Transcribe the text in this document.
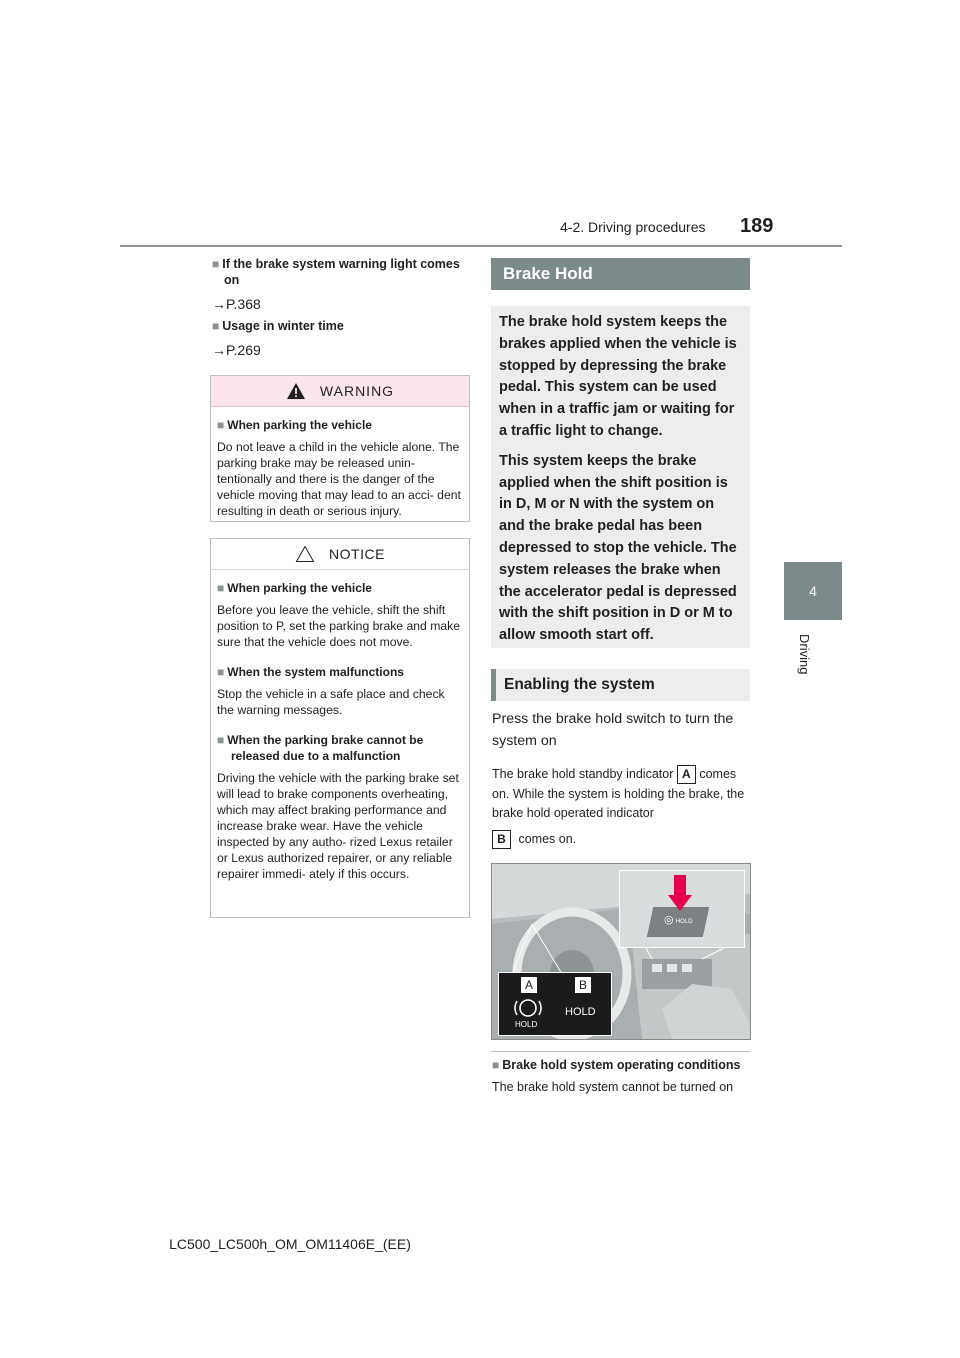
4-2. Driving procedures 189
4
Driving
■ If the brake system warning light comes on
→P.368
■ Usage in winter time
→P.269
WARNING
■ When parking the vehicle
Do not leave a child in the vehicle alone. The parking brake may be released unin- tentionally and there is the danger of the vehicle moving that may lead to an acci- dent resulting in death or serious injury.
NOTICE
■ When parking the vehicle
Before you leave the vehicle, shift the shift position to P, set the parking brake and make sure that the vehicle does not move.
■ When the system malfunctions
Stop the vehicle in a safe place and check the warning messages.
■ When the parking brake cannot be released due to a malfunction
Driving the vehicle with the parking brake set will lead to brake components overheating, which may affect braking performance and increase brake wear. Have the vehicle inspected by any autho- rized Lexus retailer or Lexus authorized repairer, or any reliable repairer immedi- ately if this occurs.
Brake Hold

The brake hold system keeps the brakes applied when the vehicle is stopped by depressing the brake pedal. This system can be used when in a traffic jam or waiting for a traffic light to change.

This system keeps the brake applied when the shift position is in D, M or N with the system on and the brake pedal has been depressed to stop the vehicle. The system releases the brake when the accelerator pedal is depressed with the shift position in D or M to allow smooth start off.

Enabling the system
Press the brake hold switch to turn the system on
The brake hold standby indicator A comes on. While the system is holding the brake, the brake hold operated indicator
B comes on.
◎ HOLD
A	B
HOLD
HOLD
■ Brake hold system operating conditions
The brake hold system cannot be turned on
LC500_LC500h_OM_OM11406E_(EE)
